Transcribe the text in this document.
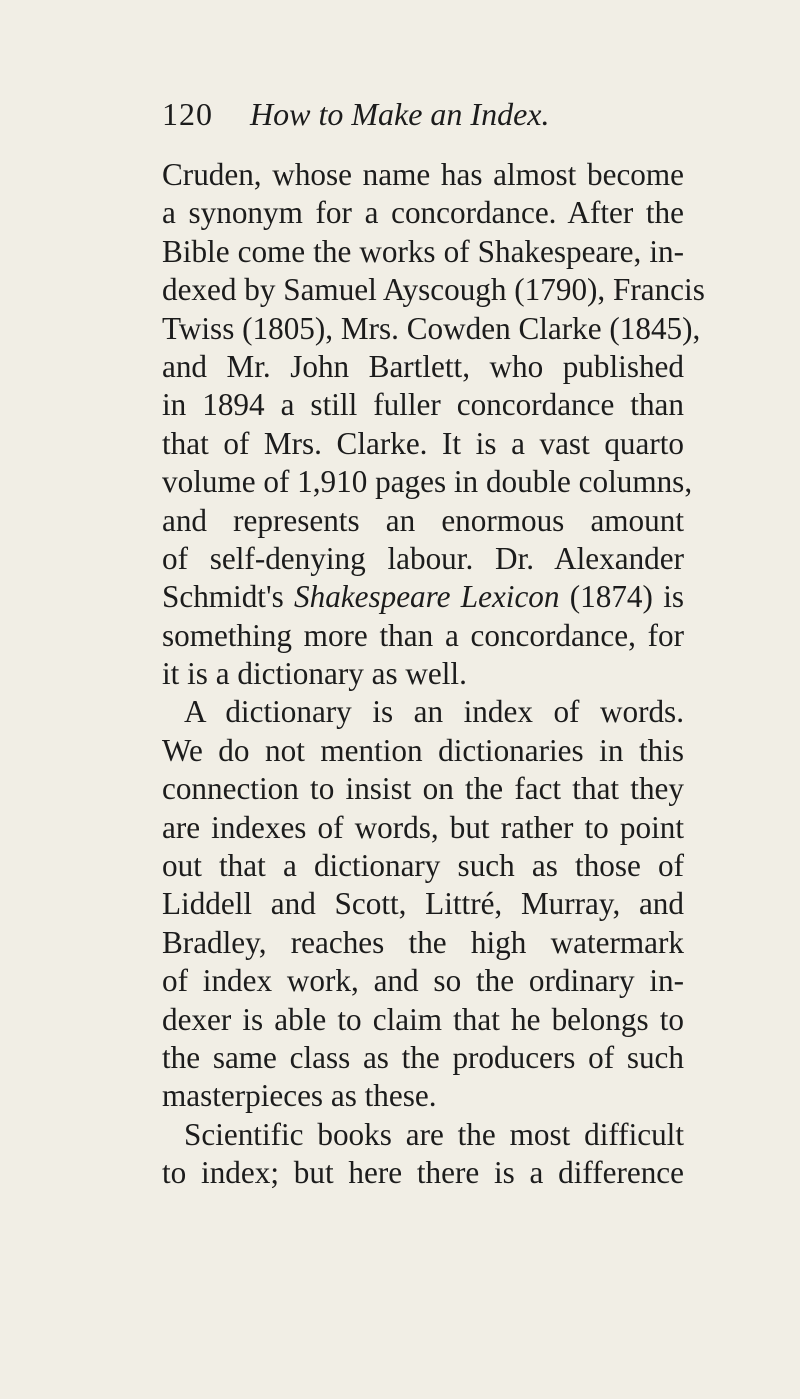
120 How to Make an Index.
Cruden, whose name has almost become
a synonym for a concordance. After the
Bible come the works of Shakespeare, in-
dexed by Samuel Ayscough (1790), Francis
Twiss (1805), Mrs. Cowden Clarke (1845),
and Mr. John Bartlett, who published
in 1894 a still fuller concordance than
that of Mrs. Clarke. It is a vast quarto
volume of 1,910 pages in double columns,
and represents an enormous amount
of self-denying labour. Dr. Alexander
Schmidt's Shakespeare Lexicon (1874) is
something more than a concordance, for
it is a dictionary as well.
A dictionary is an index of words.
We do not mention dictionaries in this
connection to insist on the fact that they
are indexes of words, but rather to point
out that a dictionary such as those of
Liddell and Scott, Littré, Murray, and
Bradley, reaches the high watermark
of index work, and so the ordinary in-
dexer is able to claim that he belongs to
the same class as the producers of such
masterpieces as these.
Scientific books are the most difficult
to index; but here there is a difference
